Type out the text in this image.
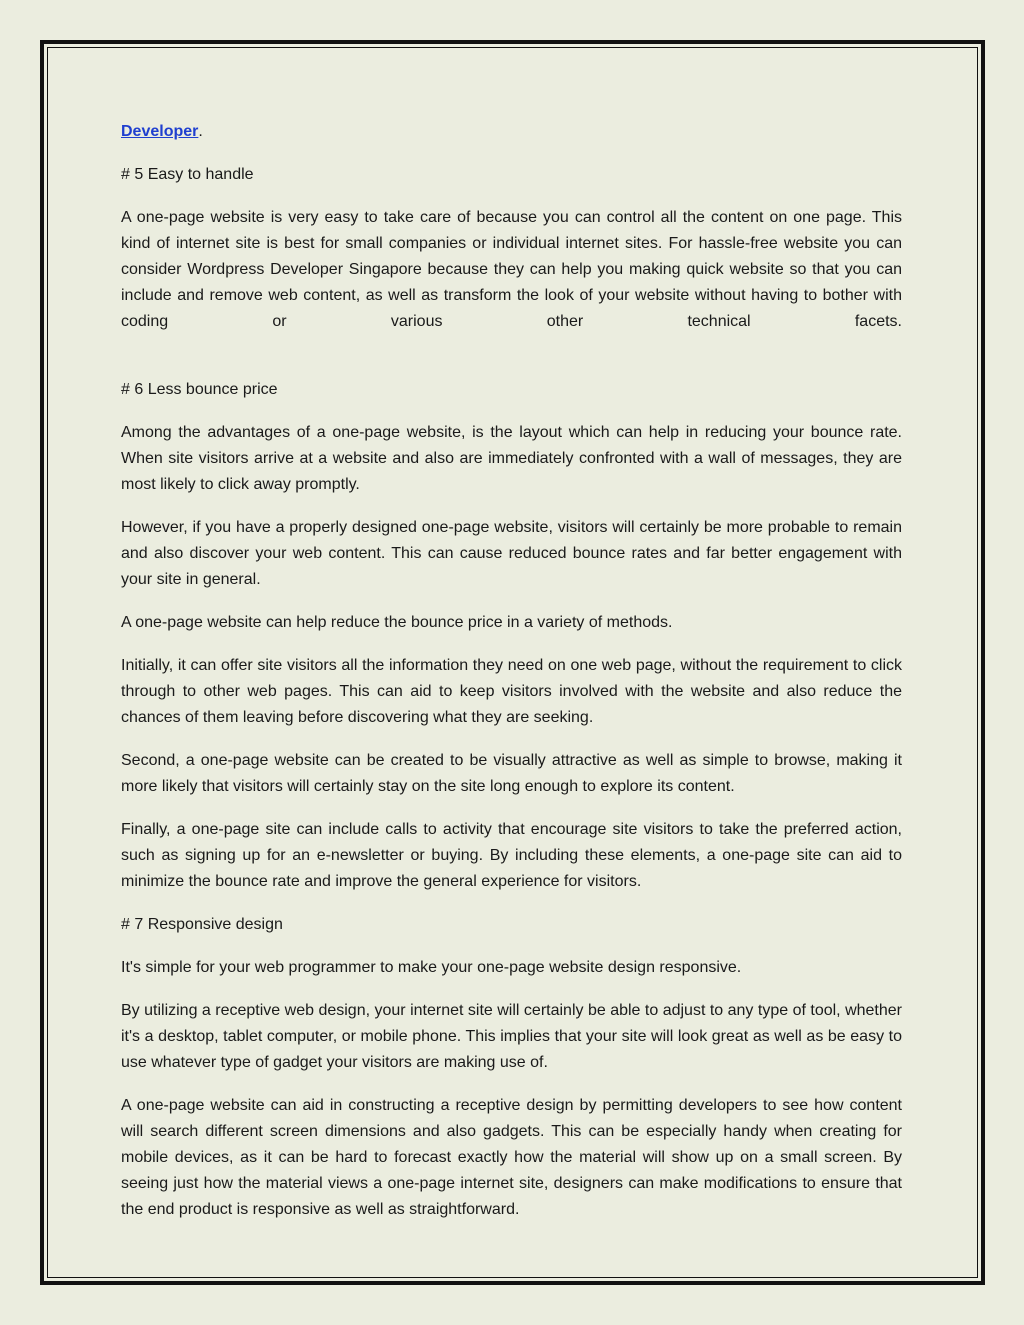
Developer.

# 5 Easy to handle

A one-page website is very easy to take care of because you can control all the content on one page. This kind of internet site is best for small companies or individual internet sites. For hassle-free website you can consider Wordpress Developer Singapore because they can help you making quick website so that you can include and remove web content, as well as transform the look of your website without having to bother with coding or various other technical facets.

# 6 Less bounce price

Among the advantages of a one-page website, is the layout which can help in reducing your bounce rate. When site visitors arrive at a website and also are immediately confronted with a wall of messages, they are most likely to click away promptly.

However, if you have a properly designed one-page website, visitors will certainly be more probable to remain and also discover your web content. This can cause reduced bounce rates and far better engagement with your site in general.

A one-page website can help reduce the bounce price in a variety of methods.

Initially, it can offer site visitors all the information they need on one web page, without the requirement to click through to other web pages. This can aid to keep visitors involved with the website and also reduce the chances of them leaving before discovering what they are seeking.

Second, a one-page website can be created to be visually attractive as well as simple to browse, making it more likely that visitors will certainly stay on the site long enough to explore its content.

Finally, a one-page site can include calls to activity that encourage site visitors to take the preferred action, such as signing up for an e-newsletter or buying. By including these elements, a one-page site can aid to minimize the bounce rate and improve the general experience for visitors.

# 7 Responsive design

It's simple for your web programmer to make your one-page website design responsive.

By utilizing a receptive web design, your internet site will certainly be able to adjust to any type of tool, whether it's a desktop, tablet computer, or mobile phone. This implies that your site will look great as well as be easy to use whatever type of gadget your visitors are making use of.

A one-page website can aid in constructing a receptive design by permitting developers to see how content will search different screen dimensions and also gadgets. This can be especially handy when creating for mobile devices, as it can be hard to forecast exactly how the material will show up on a small screen. By seeing just how the material views a one-page internet site, designers can make modifications to ensure that the end product is responsive as well as straightforward.
